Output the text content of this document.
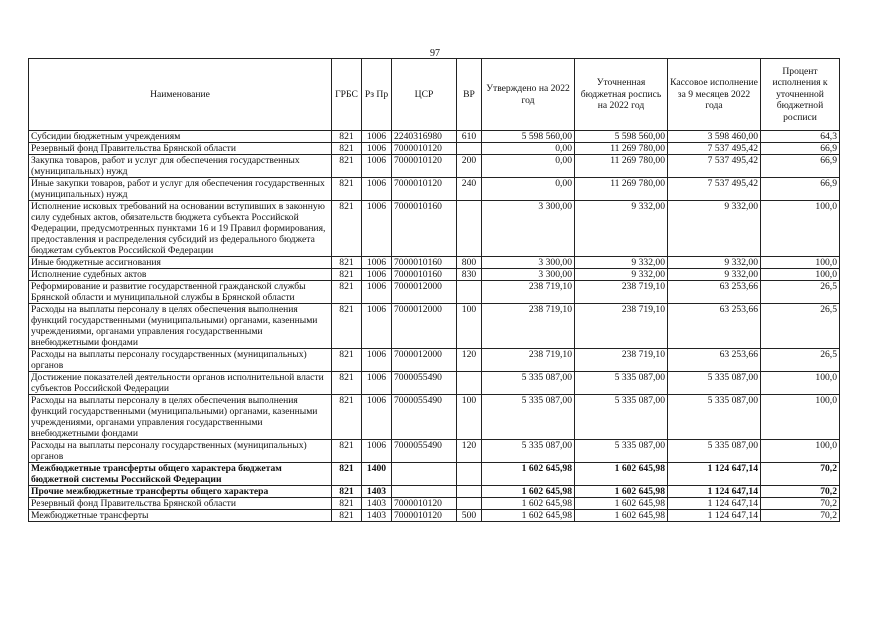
97
Наименование	ГРБС	Рз Пр	ЦСР	ВР	Утверждено на 2022 год	Уточненная бюджетная роспись на 2022 год	Кассовое исполнение за 9 месяцев 2022 года	Процент исполнения к уточненной бюджетной росписи
Субсидии бюджетным учреждениям	821	1006	2240316980	610	5 598 560,00	5 598 560,00	3 598 460,00	64,3
Резервный фонд Правительства Брянской области	821	1006	7000010120		0,00	11 269 780,00	7 537 495,42	66,9
Закупка товаров, работ и услуг для обеспечения государственных (муниципальных) нужд	821	1006	7000010120	200	0,00	11 269 780,00	7 537 495,42	66,9
Иные закупки товаров, работ и услуг для обеспечения государственных (муниципальных) нужд	821	1006	7000010120	240	0,00	11 269 780,00	7 537 495,42	66,9
Исполнение исковых требований на основании вступивших в законную силу судебных актов, обязательств бюджета субъекта Российской Федерации, предусмотренных пунктами 16 и 19 Правил формирования, предоставления и распределения субсидий из федерального бюджета бюджетам субъектов Российской Федерации	821	1006	7000010160		3 300,00	9 332,00	9 332,00	100,0
Иные бюджетные ассигнования	821	1006	7000010160	800	3 300,00	9 332,00	9 332,00	100,0
Исполнение судебных актов	821	1006	7000010160	830	3 300,00	9 332,00	9 332,00	100,0
Реформирование и развитие государственной гражданской службы Брянской области и муниципальной службы в Брянской области	821	1006	7000012000		238 719,10	238 719,10	63 253,66	26,5
Расходы на выплаты персоналу в целях обеспечения выполнения функций государственными (муниципальными) органами, казенными учреждениями, органами управления государственными внебюджетными фондами	821	1006	7000012000	100	238 719,10	238 719,10	63 253,66	26,5
Расходы на выплаты персоналу государственных (муниципальных) органов	821	1006	7000012000	120	238 719,10	238 719,10	63 253,66	26,5
Достижение показателей деятельности органов исполнительной власти субъектов Российской Федерации	821	1006	7000055490		5 335 087,00	5 335 087,00	5 335 087,00	100,0
Расходы на выплаты персоналу в целях обеспечения выполнения функций государственными (муниципальными) органами, казенными учреждениями, органами управления государственными внебюджетными фондами	821	1006	7000055490	100	5 335 087,00	5 335 087,00	5 335 087,00	100,0
Расходы на выплаты персоналу государственных (муниципальных) органов	821	1006	7000055490	120	5 335 087,00	5 335 087,00	5 335 087,00	100,0
Межбюджетные трансферты общего характера бюджетам бюджетной системы Российской Федерации	821	1400			1 602 645,98	1 602 645,98	1 124 647,14	70,2
Прочие межбюджетные трансферты общего характера	821	1403			1 602 645,98	1 602 645,98	1 124 647,14	70,2
Резервный фонд Правительства Брянской области	821	1403	7000010120		1 602 645,98	1 602 645,98	1 124 647,14	70,2
Межбюджетные трансферты	821	1403	7000010120	500	1 602 645,98	1 602 645,98	1 124 647,14	70,2
